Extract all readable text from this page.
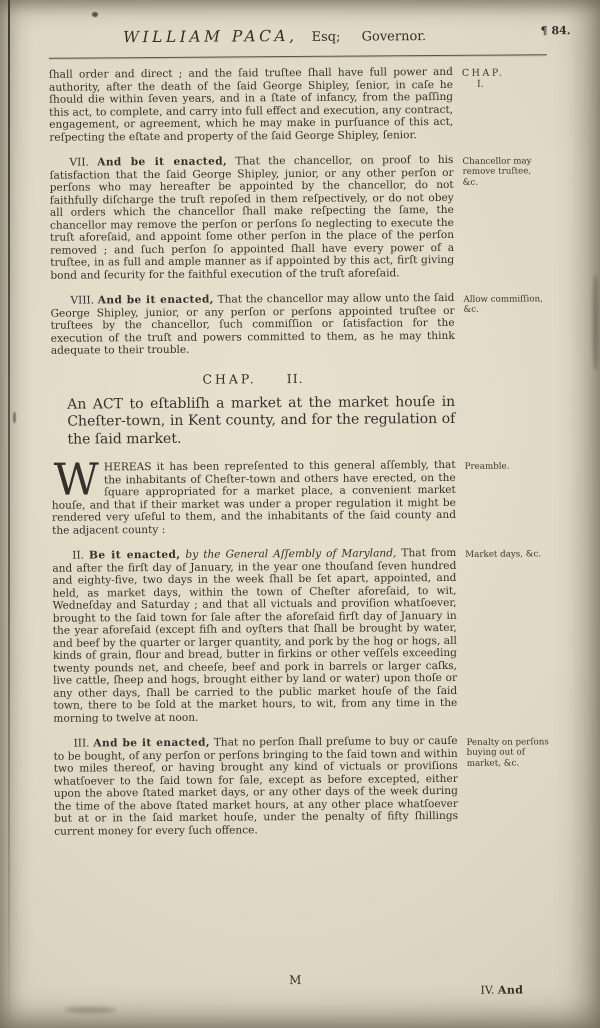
WILLIAM PACA, Esq; Governor.	¶ 84.

ſhall order and direct ; and the ſaid truſtee ſhall have full power and authority, after the death of the ſaid George Shipley, ſenior, in caſe he ſhould die within ſeven years, and in a ſtate of infancy, from the paſſing this act, to complete, and carry into full effect and execution, any contract, engagement, or agreement, which he may make in purſuance of this act, reſpecting the eſtate and property of the ſaid George Shipley, ſenior.

CHAP.
I.

VII. And be it enacted, That the chancellor, on proof to his ſatisfaction that the ſaid George Shipley, junior, or any other perſon or perſons who may hereafter be appointed by the chancellor, do not faithfully diſcharge the truſt repoſed in them reſpectively, or do not obey all orders which the chancellor ſhall make reſpecting the ſame, the chancellor may remove the perſon or perſons ſo neglecting to execute the truſt aforeſaid, and appoint ſome other perſon in the place of the perſon removed ; and ſuch perſon ſo appointed ſhall have every power of a truſtee, in as full and ample manner as if appointed by this act, firſt giving bond and ſecurity for the faithful execution of the truſt aforeſaid.

Chancellor may remove truſtee, &c.

VIII. And be it enacted, That the chancellor may allow unto the ſaid George Shipley, junior, or any perſon or perſons appointed truſtee or truſtees by the chancellor, ſuch commiſſion or ſatisfaction for the execution of the truſt and powers committed to them, as he may think adequate to their trouble.

Allow commiſſion, &c.

CHAP. II.

An ACT to eſtabliſh a market at the market houſe in Cheſter-town, in Kent county, and for the regulation of the ſaid market.

WHEREAS it has been repreſented to this general aſſembly, that the inhabitants of Cheſter-town and others have erected, on the ſquare appropriated for a market place, a convenient market houſe, and that if their market was under a proper regulation it might be rendered very uſeful to them, and the inhabitants of the ſaid county and the adjacent county :

Preamble.

II. Be it enacted, by the General Aſſembly of Maryland, That from and after the firſt day of January, in the year one thouſand ſeven hundred and eighty-five, two days in the week ſhall be ſet apart, appointed, and held, as market days, within the town of Cheſter aforeſaid, to wit, Wedneſday and Saturday ; and that all victuals and proviſion whatſoever, brought to the ſaid town for ſale after the aforeſaid firſt day of January in the year aforeſaid (except fiſh and oyſters that ſhall be brought by water, and beef by the quarter or larger quantity, and pork by the hog or hogs, all kinds of grain, flour and bread, butter in firkins or other veſſels exceeding twenty pounds net, and cheeſe, beef and pork in barrels or larger caſks, live cattle, ſheep and hogs, brought either by land or water) upon thoſe or any other days, ſhall be carried to the public market houſe of the ſaid town, there to be ſold at the market hours, to wit, from any time in the morning to twelve at noon.

Market days, &c.

III. And be it enacted, That no perſon ſhall preſume to buy or cauſe to be bought, of any perſon or perſons bringing to the ſaid town and within two miles thereof, or having brought any kind of victuals or proviſions whatſoever to the ſaid town for ſale, except as before excepted, either upon the above ſtated market days, or any other days of the week during the time of the above ſtated market hours, at any other place whatſoever but at or in the ſaid market houſe, under the penalty of fifty ſhillings current money for every ſuch offence.

Penalty on perſons buying out of market, &c.
M
IV. And
